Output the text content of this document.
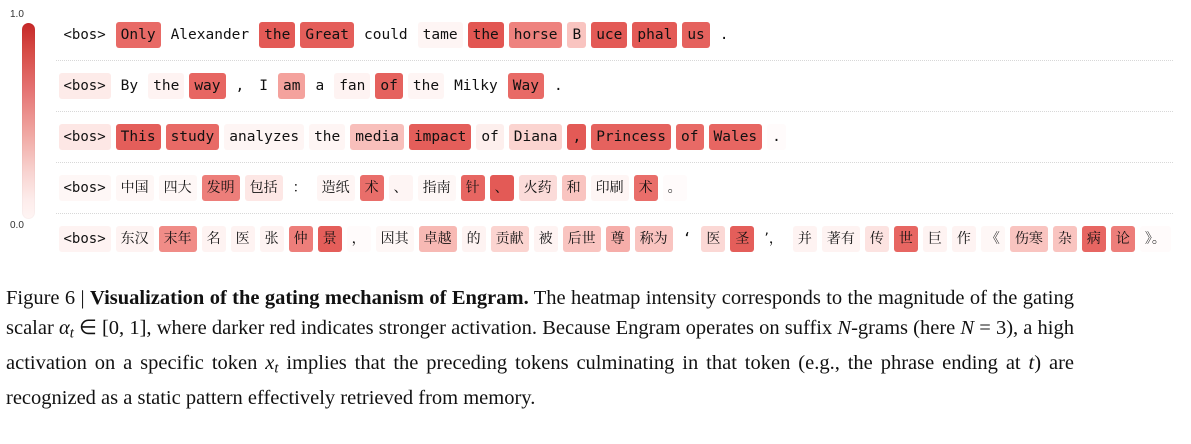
1.0
0.0
<bos>	Only	Alexander	the	Great	could	tame	the	horse	B	uce	phal	us	.
<bos>	By	the	way	,	I	am	a	fan	of	the	Milky	Way	.
<bos>	This	study	analyzes	the	media	impact	of	Diana	,	Princess	of	Wales	.
<bos>	中国	四大	发明	包括	：	造纸	术	、	指南	针	、	火药	和	印刷	术	。
<bos>	东汉	末年	名	医	张	仲	景	，	因其	卓越	的	贡献	被	后世	尊	称为	‘	医	圣	’，	并	著有	传	世	巨	作	《	伤寒	杂	病	论	》。
Figure 6 | Visualization of the gating mechanism of Engram. The heatmap intensity corresponds to the magnitude of the gating scalar αt ∈ [0, 1], where darker red indicates stronger activation. Because Engram operates on suffix N-grams (here N = 3), a high activation on a specific token xt implies that the preceding tokens culminating in that token (e.g., the phrase ending at t) are recognized as a static pattern effectively retrieved from memory.
